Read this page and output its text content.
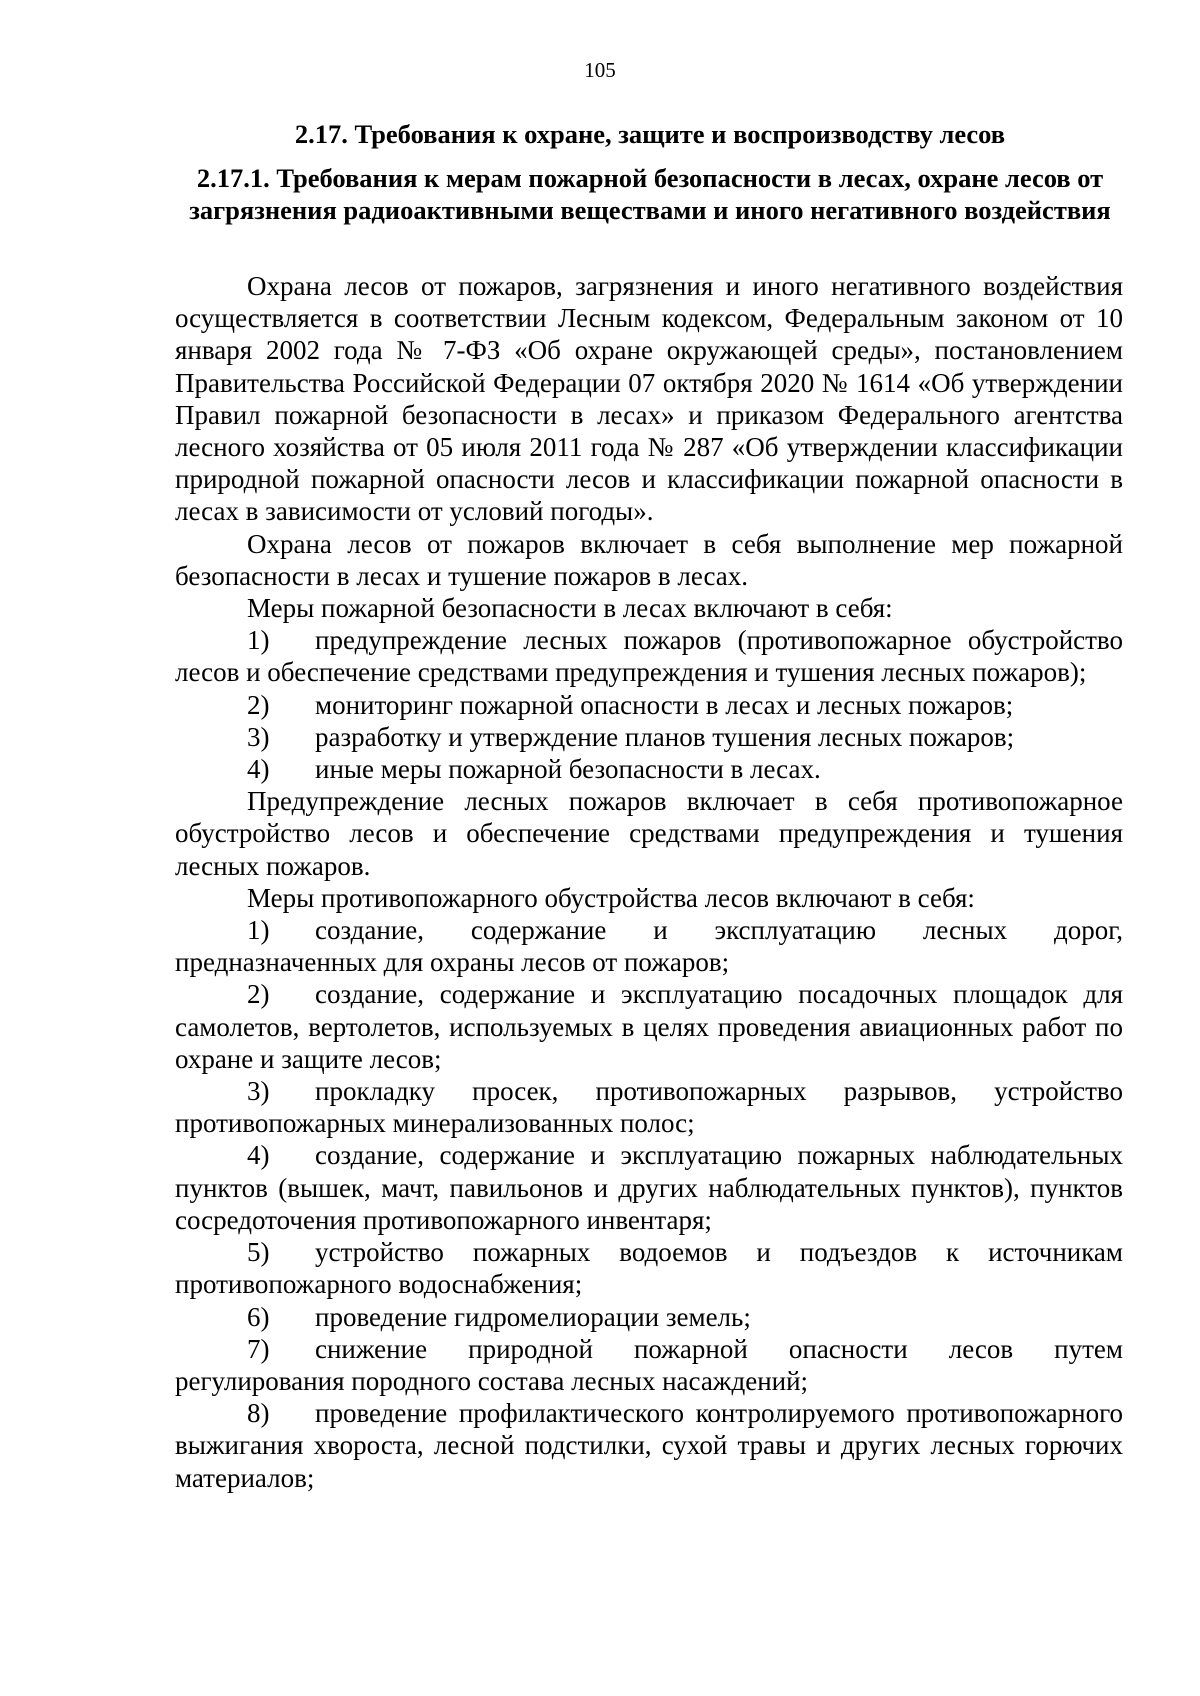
105
2.17. Требования к охране, защите и воспроизводству лесов
2.17.1. Требования к мерам пожарной безопасности в лесах, охране лесов от загрязнения радиоактивными веществами и иного негативного воздействия

Охрана лесов от пожаров, загрязнения и иного негативного воздействия осуществляется в соответствии Лесным кодексом, Федеральным законом от 10 января 2002 года № 7-ФЗ «Об охране окружающей среды», постановлением Правительства Российской Федерации 07 октября 2020 № 1614 «Об утверждении Правил пожарной безопасности в лесах» и приказом Федерального агентства лесного хозяйства от 05 июля 2011 года № 287 «Об утверждении классификации природной пожарной опасности лесов и классификации пожарной опасности в лесах в зависимости от условий погоды».

Охрана лесов от пожаров включает в себя выполнение мер пожарной безопасности в лесах и тушение пожаров в лесах.

Меры пожарной безопасности в лесах включают в себя:

1) предупреждение лесных пожаров (противопожарное обустройство лесов и обеспечение средствами предупреждения и тушения лесных пожаров);

2) мониторинг пожарной опасности в лесах и лесных пожаров;

3) разработку и утверждение планов тушения лесных пожаров;

4) иные меры пожарной безопасности в лесах.

Предупреждение лесных пожаров включает в себя противопожарное обустройство лесов и обеспечение средствами предупреждения и тушения лесных пожаров.

Меры противопожарного обустройства лесов включают в себя:

1) создание, содержание и эксплуатацию лесных дорог, предназначенных для охраны лесов от пожаров;

2) создание, содержание и эксплуатацию посадочных площадок для самолетов, вертолетов, используемых в целях проведения авиационных работ по охране и защите лесов;

3) прокладку просек, противопожарных разрывов, устройство противопожарных минерализованных полос;

4) создание, содержание и эксплуатацию пожарных наблюдательных пунктов (вышек, мачт, павильонов и других наблюдательных пунктов), пунктов сосредоточения противопожарного инвентаря;

5) устройство пожарных водоемов и подъездов к источникам противопожарного водоснабжения;

6) проведение гидромелиорации земель;

7) снижение природной пожарной опасности лесов путем регулирования породного состава лесных насаждений;

8) проведение профилактического контролируемого противопожарного выжигания хвороста, лесной подстилки, сухой травы и других лесных горючих материалов;
